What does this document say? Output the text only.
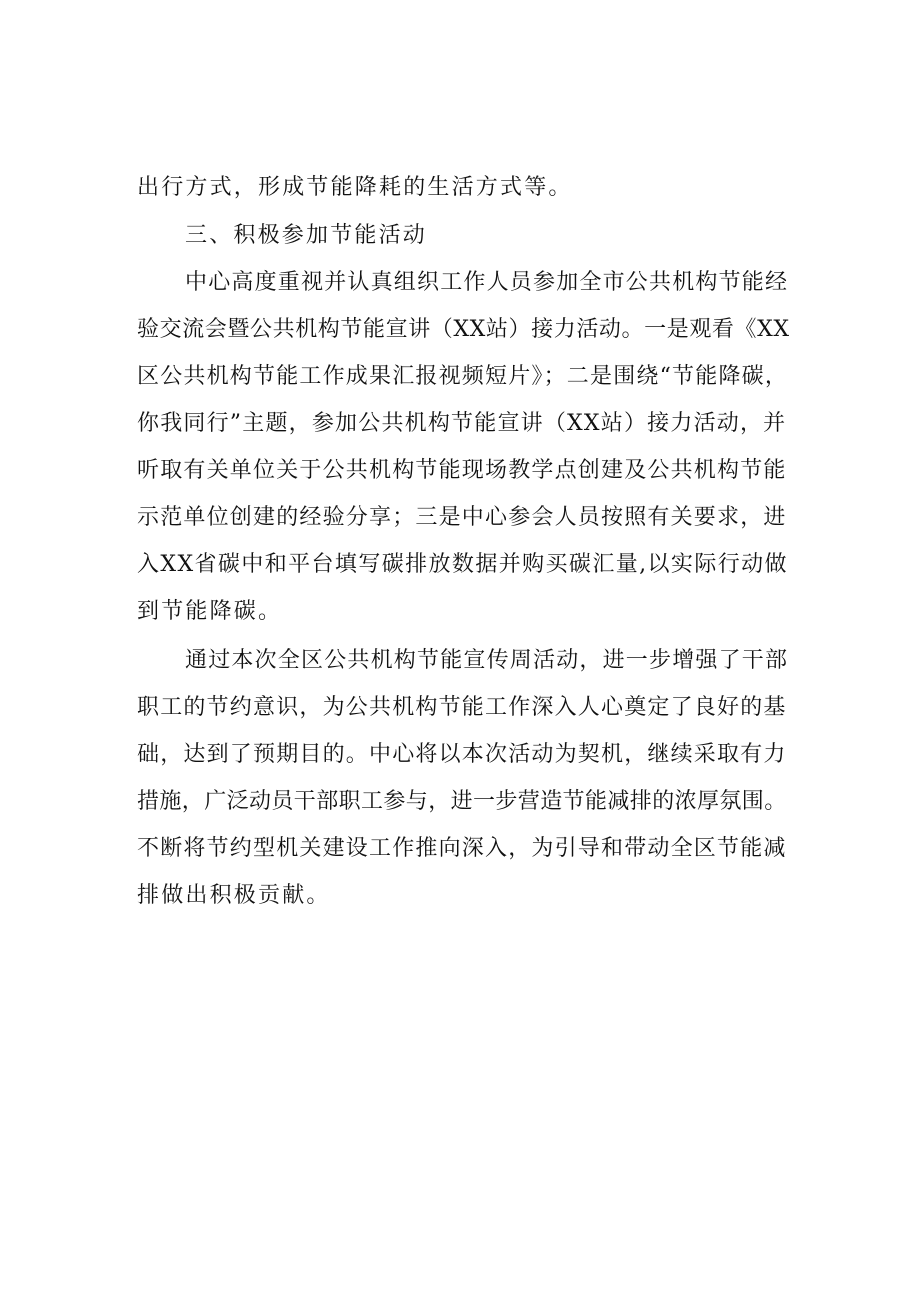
出行方式，形成节能降耗的生活方式等。
三、积极参加节能活动
中心高度重视并认真组织工作人员参加全市公共机构节能经
验交流会暨公共机构节能宣讲（XX站）接力活动。一是观看《XX
区公共机构节能工作成果汇报视频短片》；二是围绕“节能降碳，
你我同行”主题，参加公共机构节能宣讲（XX站）接力活动，并
听取有关单位关于公共机构节能现场教学点创建及公共机构节能
示范单位创建的经验分享；三是中心参会人员按照有关要求，进
入XX省碳中和平台填写碳排放数据并购买碳汇量,以实际行动做
到节能降碳。
通过本次全区公共机构节能宣传周活动，进一步增强了干部
职工的节约意识，为公共机构节能工作深入人心奠定了良好的基
础，达到了预期目的。中心将以本次活动为契机，继续采取有力
措施，广泛动员干部职工参与，进一步营造节能减排的浓厚氛围。
不断将节约型机关建设工作推向深入，为引导和带动全区节能减
排做出积极贡献。
